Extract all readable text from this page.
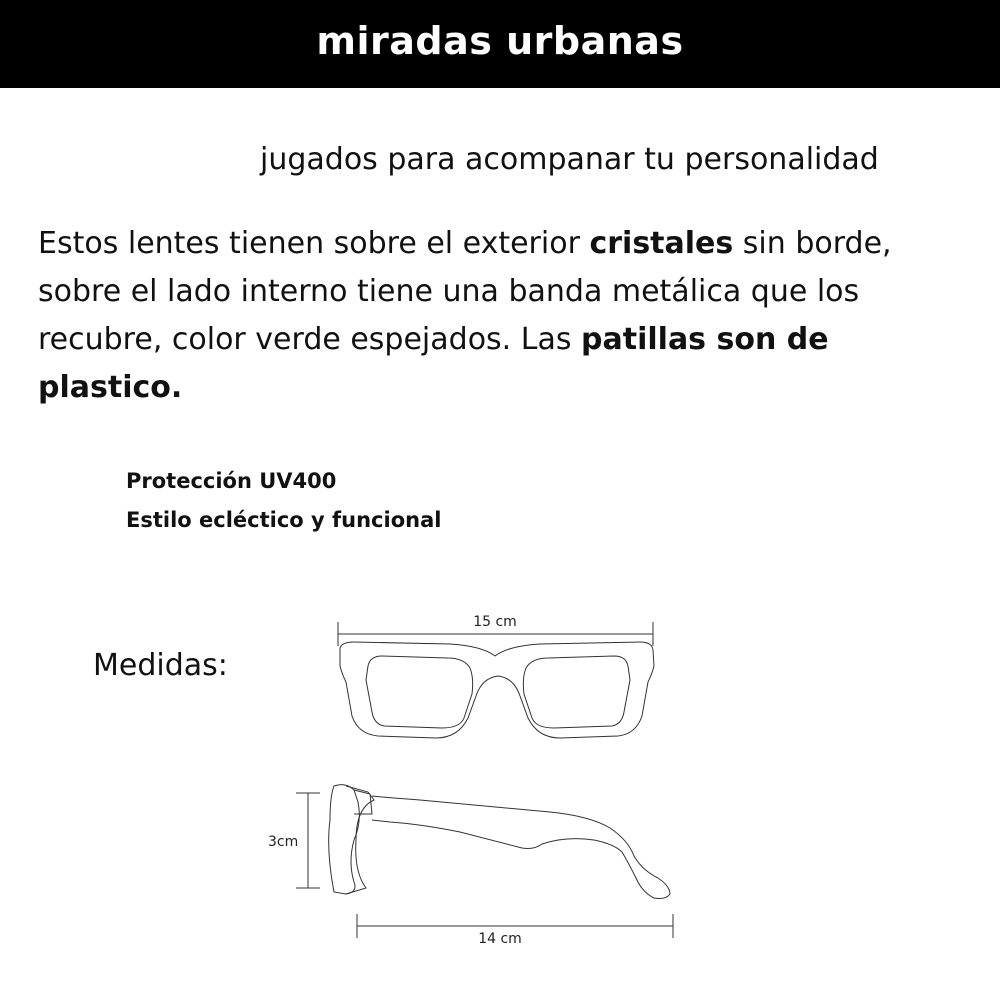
miradas urbanas
jugados para acompanar tu personalidad
Estos lentes tienen sobre el exterior cristales sin borde, sobre el lado interno tiene una banda metálica que los recubre, color verde espejados. Las patillas son de plastico.
Protección UV400
Estilo ecléctico y funcional
Medidas:
15 cm
3cm
14 cm
